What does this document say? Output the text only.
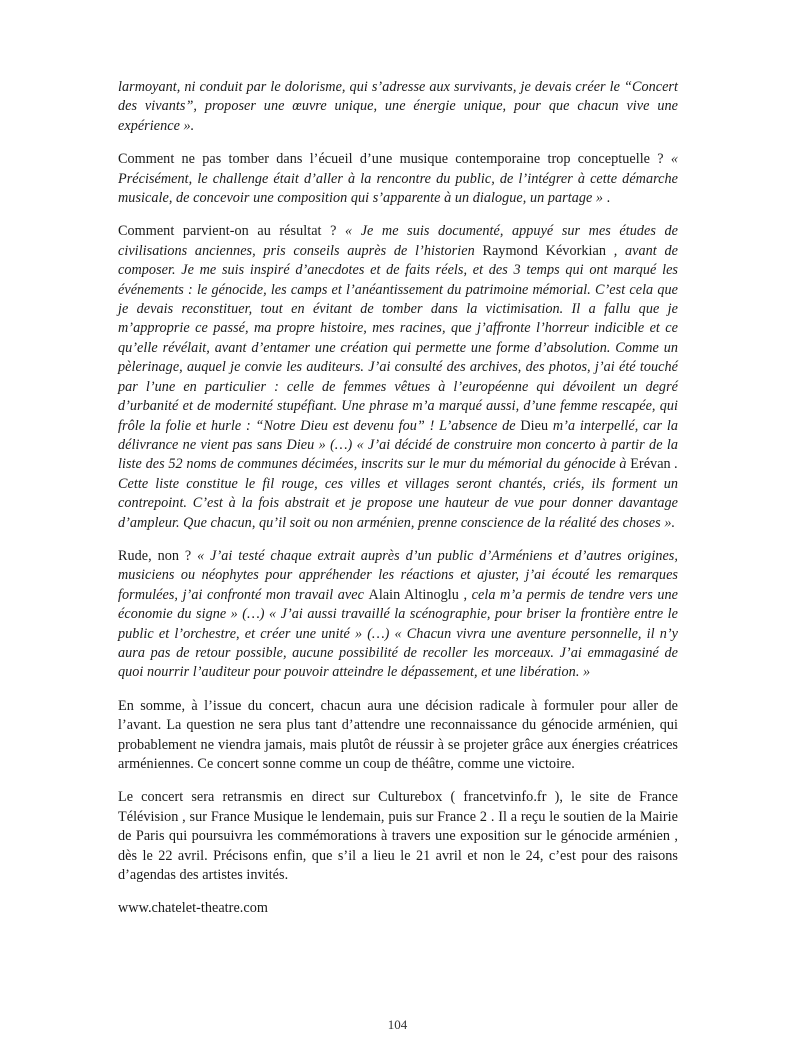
larmoyant, ni conduit par le dolorisme, qui s’adresse aux survivants, je devais créer le “Concert des vivants”, proposer une œuvre unique, une énergie unique, pour que chacun vive une expérience ».

Comment ne pas tomber dans l’écueil d’une musique contemporaine trop conceptuelle ? « Précisément, le challenge était d’aller à la rencontre du public, de l’intégrer à cette démarche musicale, de concevoir une composition qui s’apparente à un dialogue, un partage » .

Comment parvient-on au résultat ? « Je me suis documenté, appuyé sur mes études de civilisations anciennes, pris conseils auprès de l’historien Raymond Kévorkian , avant de composer. Je me suis inspiré d’anecdotes et de faits réels, et des 3 temps qui ont marqué les événements : le génocide, les camps et l’anéantissement du patrimoine mémorial. C’est cela que je devais reconstituer, tout en évitant de tomber dans la victimisation. Il a fallu que je m’approprie ce passé, ma propre histoire, mes racines, que j’affronte l’horreur indicible et ce qu’elle révélait, avant d’entamer une création qui permette une forme d’absolution. Comme un pèlerinage, auquel je convie les auditeurs. J’ai consulté des archives, des photos, j’ai été touché par l’une en particulier : celle de femmes vêtues à l’européenne qui dévoilent un degré d’urbanité et de modernité stupéfiant. Une phrase m’a marqué aussi, d’une femme rescapée, qui frôle la folie et hurle : “Notre Dieu est devenu fou” ! L’absence de Dieu m’a interpellé, car la délivrance ne vient pas sans Dieu » (…) « J’ai décidé de construire mon concerto à partir de la liste des 52 noms de communes décimées, inscrits sur le mur du mémorial du génocide à Erévan . Cette liste constitue le fil rouge, ces villes et villages seront chantés, criés, ils forment un contrepoint. C’est à la fois abstrait et je propose une hauteur de vue pour donner davantage d’ampleur. Que chacun, qu’il soit ou non arménien, prenne conscience de la réalité des choses ».

Rude, non ? « J’ai testé chaque extrait auprès d’un public d’Arméniens et d’autres origines, musiciens ou néophytes pour appréhender les réactions et ajuster, j’ai écouté les remarques formulées, j’ai confronté mon travail avec Alain Altinoglu , cela m’a permis de tendre vers une économie du signe » (…) « J’ai aussi travaillé la scénographie, pour briser la frontière entre le public et l’orchestre, et créer une unité » (…) « Chacun vivra une aventure personnelle, il n’y aura pas de retour possible, aucune possibilité de recoller les morceaux. J’ai emmagasiné de quoi nourrir l’auditeur pour pouvoir atteindre le dépassement, et une libération. »

En somme, à l’issue du concert, chacun aura une décision radicale à formuler pour aller de l’avant. La question ne sera plus tant d’attendre une reconnaissance du génocide arménien, qui probablement ne viendra jamais, mais plutôt de réussir à se projeter grâce aux énergies créatrices arméniennes. Ce concert sonne comme un coup de théâtre, comme une victoire.

Le concert sera retransmis en direct sur Culturebox ( francetvinfo.fr ), le site de France Télévision , sur France Musique le lendemain, puis sur France 2 . Il a reçu le soutien de la Mairie de Paris qui poursuivra les commémorations à travers une exposition sur le génocide arménien , dès le 22 avril. Précisons enfin, que s’il a lieu le 21 avril et non le 24, c’est pour des raisons d’agendas des artistes invités.

www.chatelet-theatre.com

104
